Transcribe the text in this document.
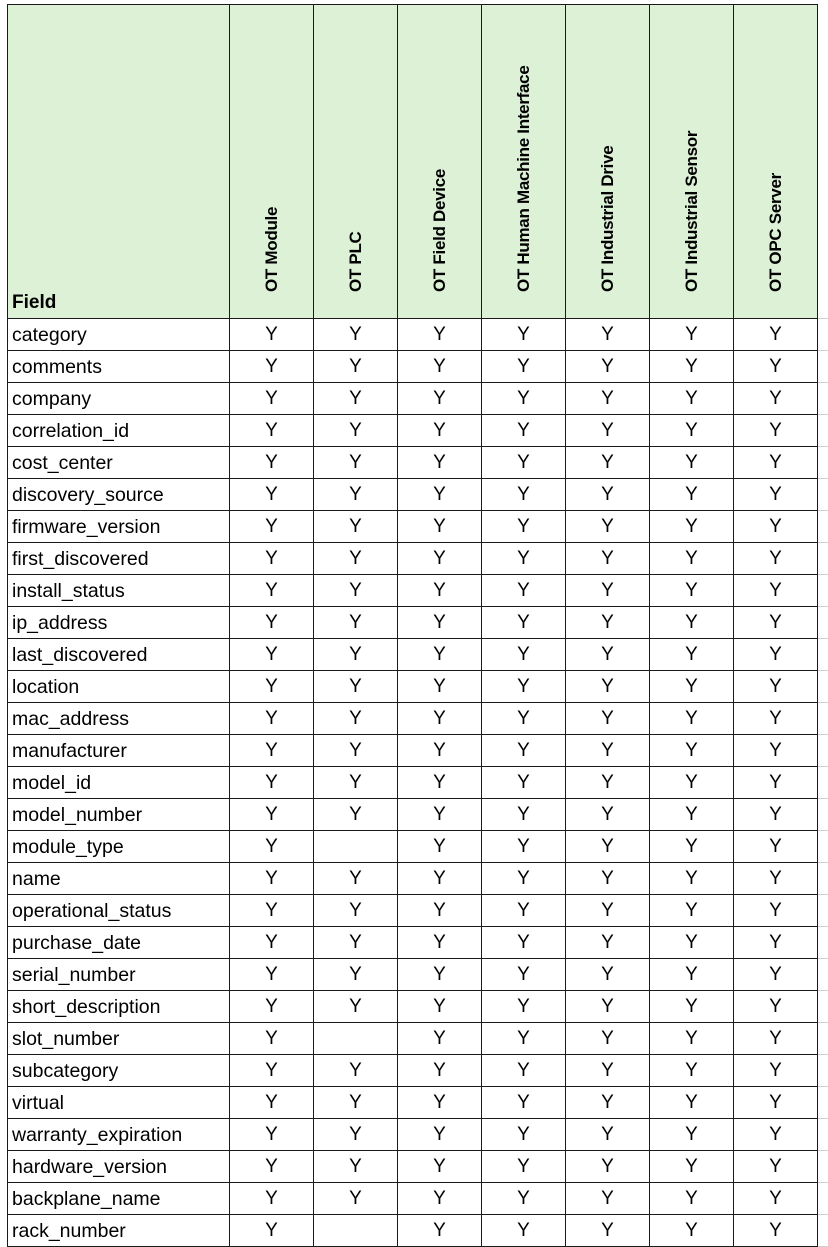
Field	OT Module	OT PLC	OT Field Device	OT Human Machine Interface	OT Industrial Drive	OT Industrial Sensor	OT OPC Server	

category	Y	Y	Y	Y	Y	Y	Y	
comments	Y	Y	Y	Y	Y	Y	Y	
company	Y	Y	Y	Y	Y	Y	Y	
correlation_id	Y	Y	Y	Y	Y	Y	Y	
cost_center	Y	Y	Y	Y	Y	Y	Y	
discovery_source	Y	Y	Y	Y	Y	Y	Y	
firmware_version	Y	Y	Y	Y	Y	Y	Y	
first_discovered	Y	Y	Y	Y	Y	Y	Y	
install_status	Y	Y	Y	Y	Y	Y	Y	
ip_address	Y	Y	Y	Y	Y	Y	Y	
last_discovered	Y	Y	Y	Y	Y	Y	Y	
location	Y	Y	Y	Y	Y	Y	Y	
mac_address	Y	Y	Y	Y	Y	Y	Y	
manufacturer	Y	Y	Y	Y	Y	Y	Y	
model_id	Y	Y	Y	Y	Y	Y	Y	
model_number	Y	Y	Y	Y	Y	Y	Y	
module_type	Y		Y	Y	Y	Y	Y	
name	Y	Y	Y	Y	Y	Y	Y	
operational_status	Y	Y	Y	Y	Y	Y	Y	
purchase_date	Y	Y	Y	Y	Y	Y	Y	
serial_number	Y	Y	Y	Y	Y	Y	Y	
short_description	Y	Y	Y	Y	Y	Y	Y	
slot_number	Y		Y	Y	Y	Y	Y	
subcategory	Y	Y	Y	Y	Y	Y	Y	
virtual	Y	Y	Y	Y	Y	Y	Y	
warranty_expiration	Y	Y	Y	Y	Y	Y	Y	
hardware_version	Y	Y	Y	Y	Y	Y	Y	
backplane_name	Y	Y	Y	Y	Y	Y	Y	
rack_number	Y		Y	Y	Y	Y	Y	
